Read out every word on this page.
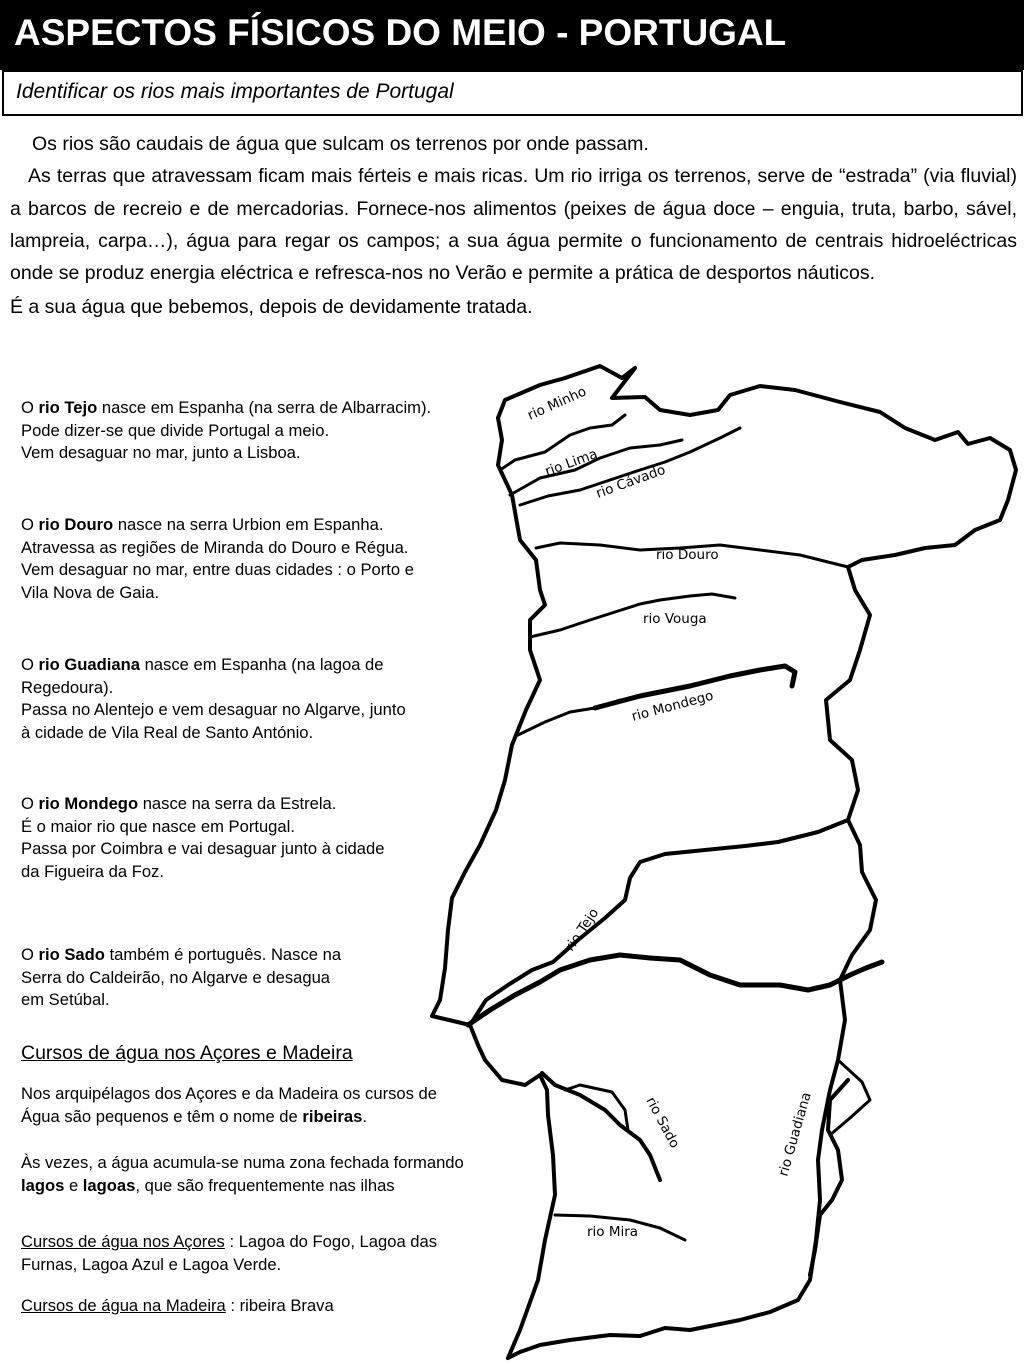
ASPECTOS FÍSICOS DO MEIO - PORTUGAL
Identificar os rios mais importantes de Portugal

Os rios são caudais de água que sulcam os terrenos por onde passam.

As terras que atravessam ficam mais férteis e mais ricas. Um rio irriga os terrenos, serve de “estrada” (via fluvial) a barcos de recreio e de mercadorias. Fornece-nos alimentos (peixes de água doce – enguia, truta, barbo, sável, lampreia, carpa…), água para regar os campos; a sua água permite o funcionamento de centrais hidroeléctricas onde se produz energia eléctrica e refresca-nos no Verão e permite a prática de desportos náuticos.

É a sua água que bebemos, depois de devidamente tratada.

rio Minho
rio Lima
rio Cávado
rio Douro
rio Vouga
rio Mondego
rio Tejo
rio Sado	rio Guadiana
rio Mira
O rio Tejo nasce em Espanha (na serra de Albarracim).
Pode dizer-se que divide Portugal a meio.
Vem desaguar no mar, junto a Lisboa.
O rio Douro nasce na serra Urbion em Espanha.
Atravessa as regiões de Miranda do Douro e Régua.
Vem desaguar no mar, entre duas cidades : o Porto e
Vila Nova de Gaia.
O rio Guadiana nasce em Espanha (na lagoa de
Regedoura).
Passa no Alentejo e vem desaguar no Algarve, junto
à cidade de Vila Real de Santo António.
O rio Mondego nasce na serra da Estrela.
É o maior rio que nasce em Portugal.
Passa por Coimbra e vai desaguar junto à cidade
da Figueira da Foz.
O rio Sado também é português. Nasce na
Serra do Caldeirão, no Algarve e desagua
em Setúbal.
Cursos de água nos Açores e Madeira
Nos arquipélagos dos Açores e da Madeira os cursos de
Água são pequenos e têm o nome de ribeiras.
Às vezes, a água acumula-se numa zona fechada formando
lagos e lagoas, que são frequentemente nas ilhas
Cursos de água nos Açores : Lagoa do Fogo, Lagoa das
Furnas, Lagoa Azul e Lagoa Verde.
Cursos de água na Madeira : ribeira Brava
